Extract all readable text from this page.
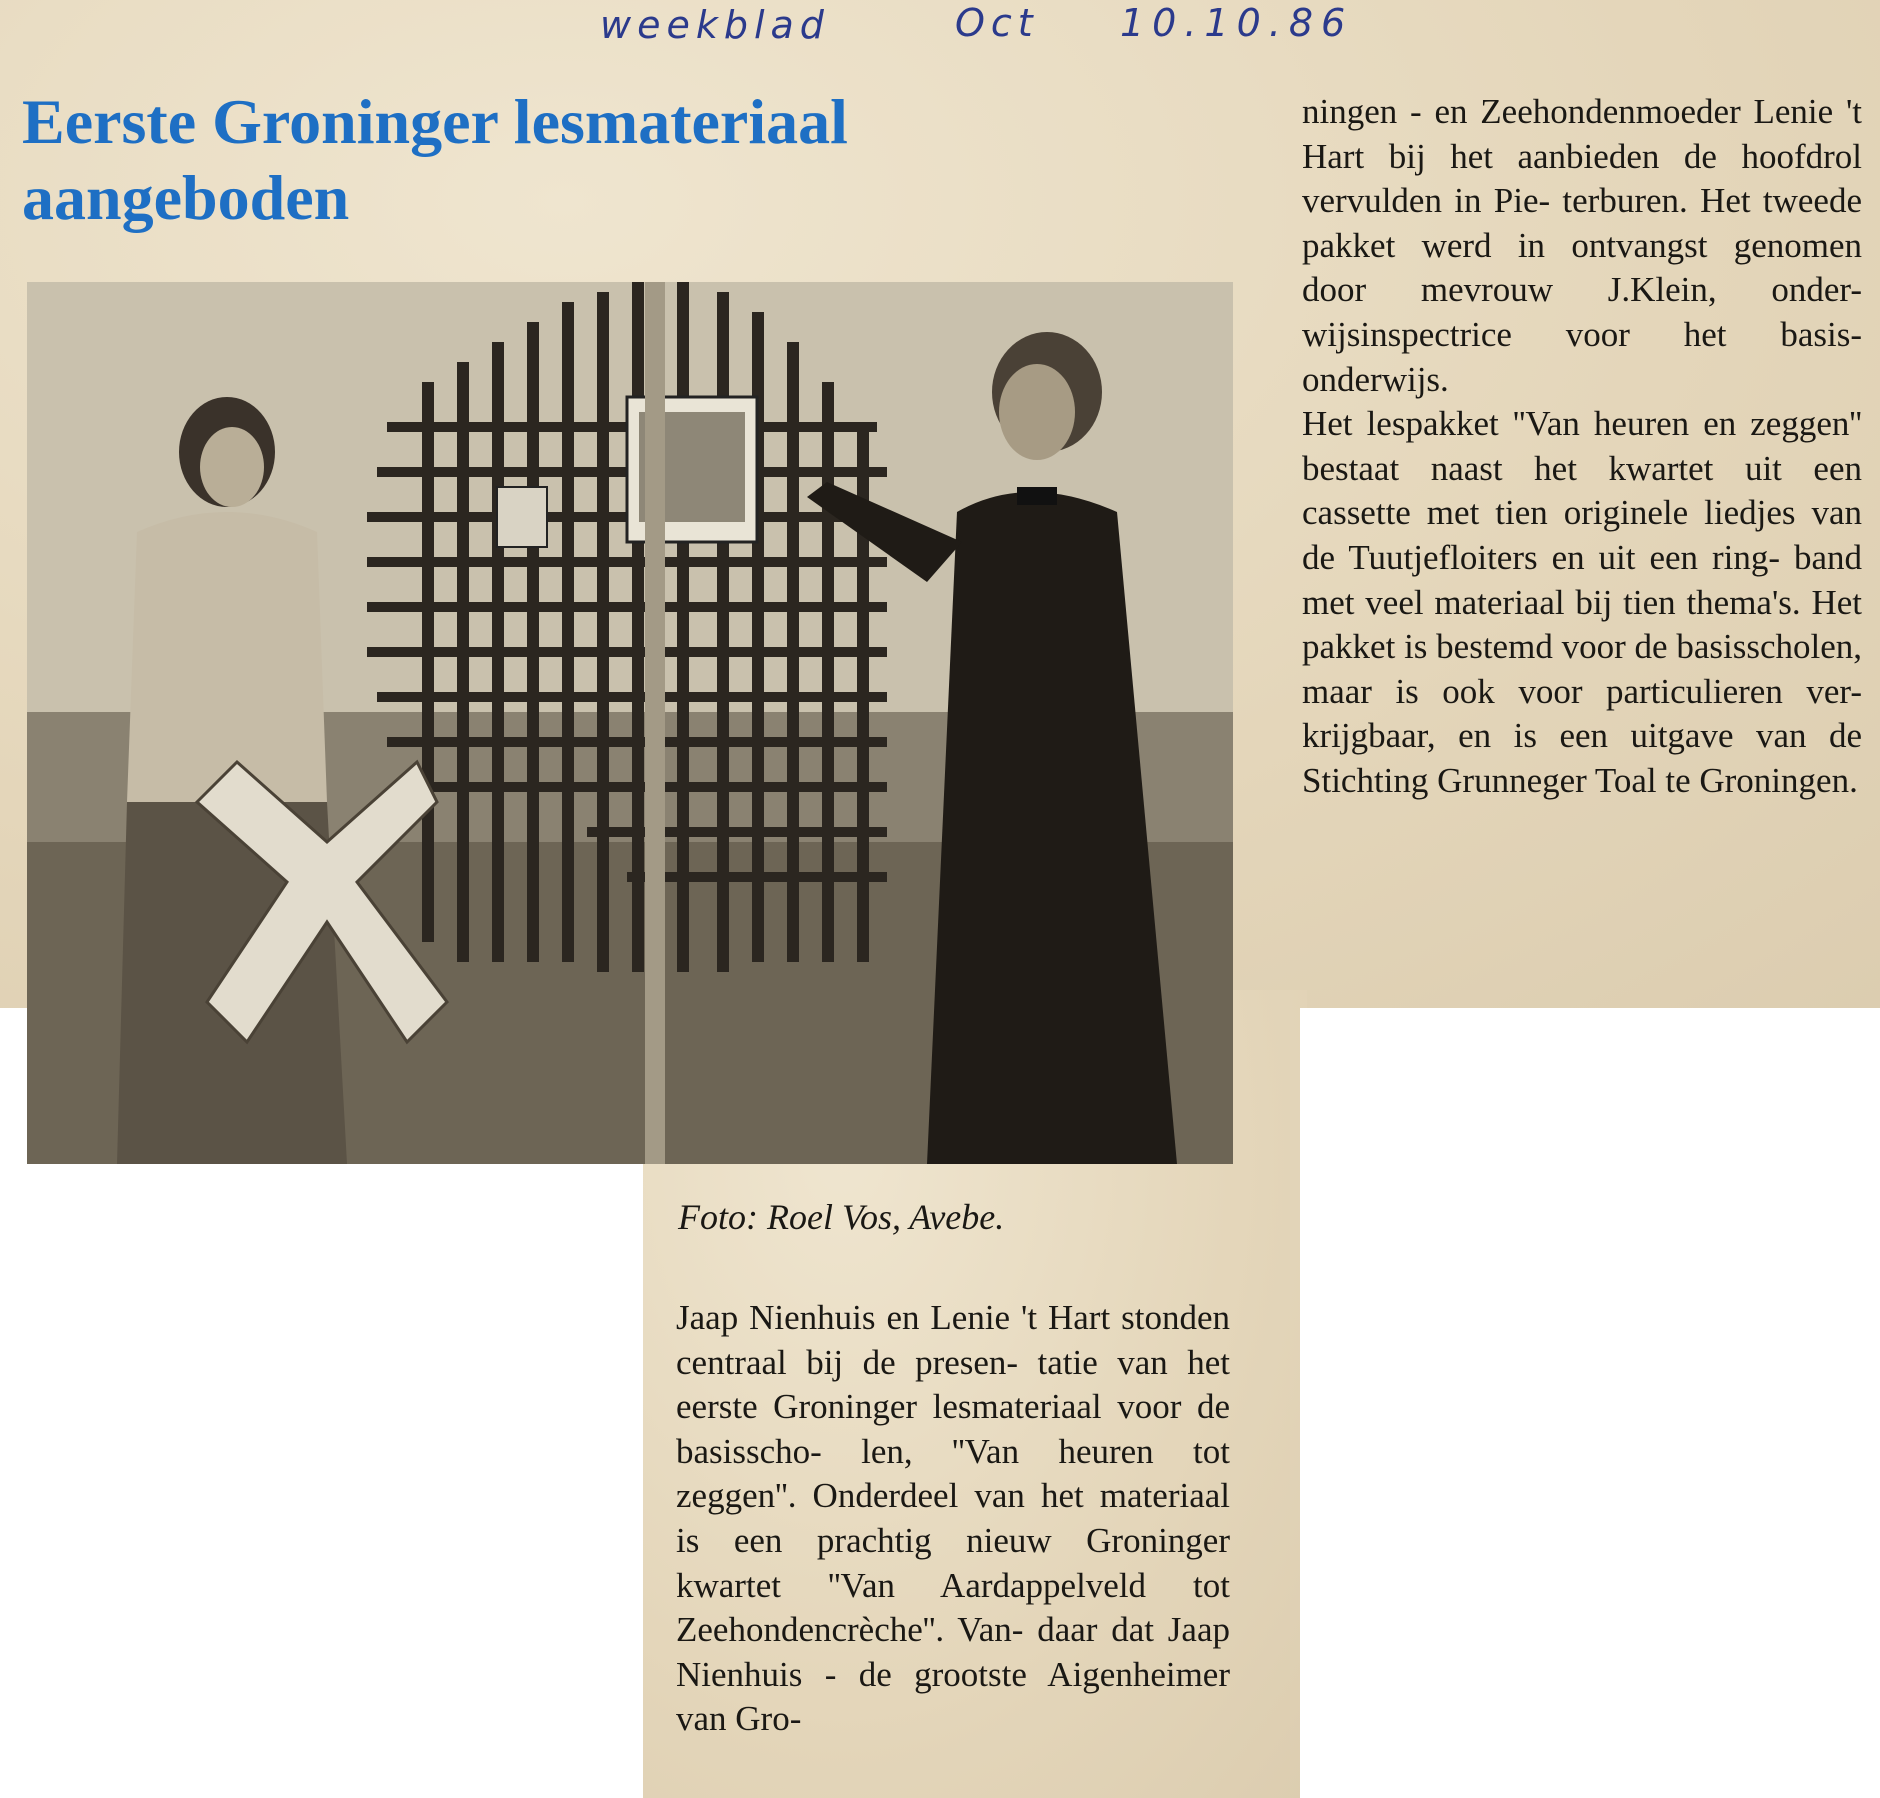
weekblad	Oct 10.10.86
Eerste Groninger lesmateriaal aangeboden
Foto: Roel Vos, Avebe.

ningen - en Zeehondenmoeder Lenie 't Hart bij het aanbieden de hoofdrol vervulden in Pie- terburen. Het tweede pakket werd in ontvangst genomen door mevrouw J.Klein, onder- wijsinspectrice voor het basis- onderwijs.

Het lespakket ''Van heuren en zeggen'' bestaat naast het kwartet uit een cassette met tien originele liedjes van de Tuutjefloiters en uit een ring- band met veel materiaal bij tien thema's. Het pakket is bestemd voor de basisscholen, maar is ook voor particulieren ver- krijgbaar, en is een uitgave van de Stichting Grunneger Toal te Groningen.

Jaap Nienhuis en Lenie 't Hart stonden centraal bij de presen- tatie van het eerste Groninger lesmateriaal voor de basisscho- len, ''Van heuren tot zeggen''. Onderdeel van het materiaal is een prachtig nieuw Groninger kwartet ''Van Aardappelveld tot Zeehondencrèche''. Van- daar dat Jaap Nienhuis - de grootste Aigenheimer van Gro-
